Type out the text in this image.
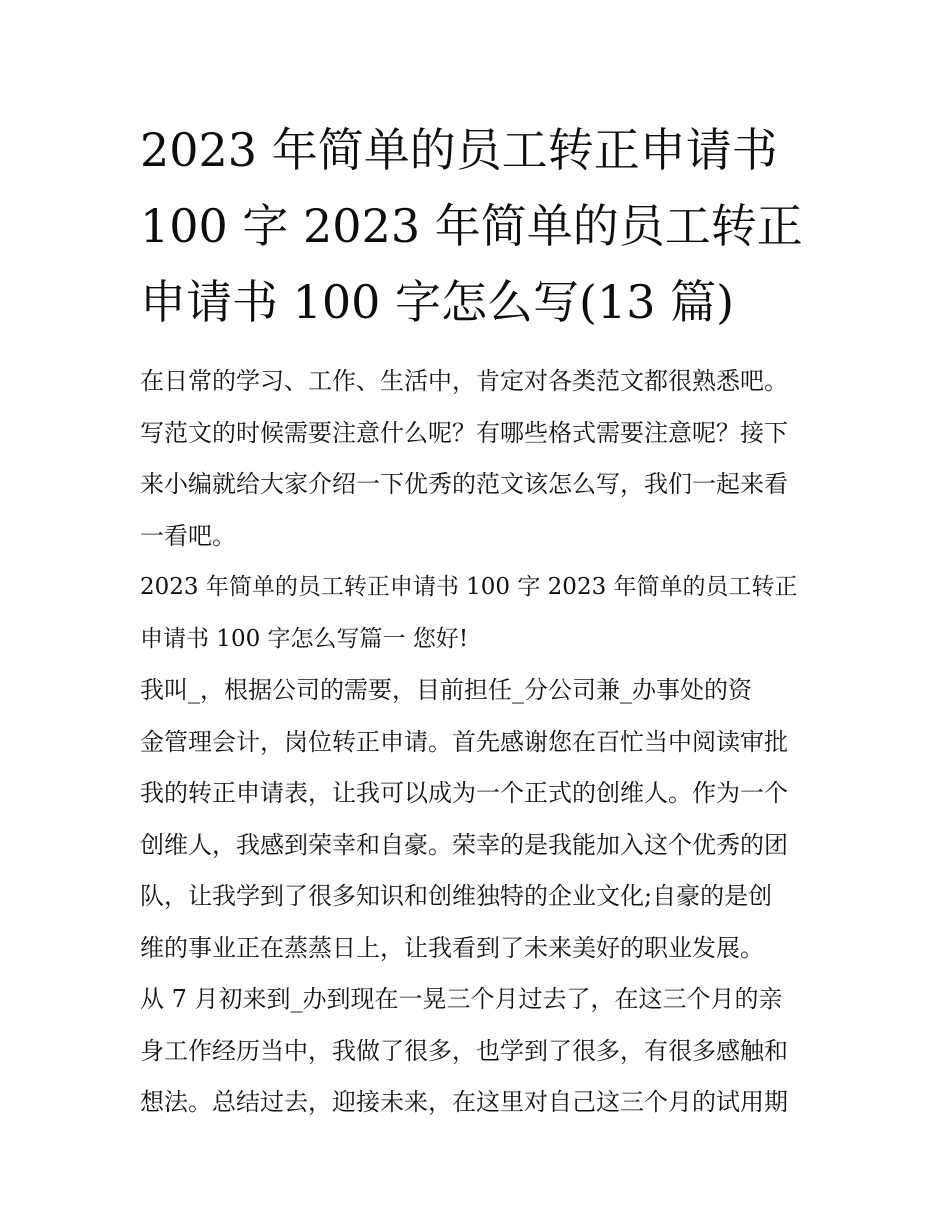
2023 年简单的员工转正申请书
100 字 2023 年简单的员工转正
申请书 100 字怎么写(13 篇)
在日常的学习、工作、生活中，肯定对各类范文都很熟悉吧。
写范文的时候需要注意什么呢？有哪些格式需要注意呢？接下
来小编就给大家介绍一下优秀的范文该怎么写，我们一起来看
一看吧。
2023 年简单的员工转正申请书 100 字 2023 年简单的员工转正
申请书 100 字怎么写篇一 您好!
我叫_，根据公司的需要，目前担任_分公司兼_办事处的资
金管理会计，岗位转正申请。首先感谢您在百忙当中阅读审批
我的转正申请表，让我可以成为一个正式的创维人。作为一个
创维人，我感到荣幸和自豪。荣幸的是我能加入这个优秀的团
队，让我学到了很多知识和创维独特的企业文化;自豪的是创
维的事业正在蒸蒸日上，让我看到了未来美好的职业发展。
从 7 月初来到_办到现在一晃三个月过去了，在这三个月的亲
身工作经历当中，我做了很多，也学到了很多，有很多感触和
想法。总结过去，迎接未来，在这里对自己这三个月的试用期
